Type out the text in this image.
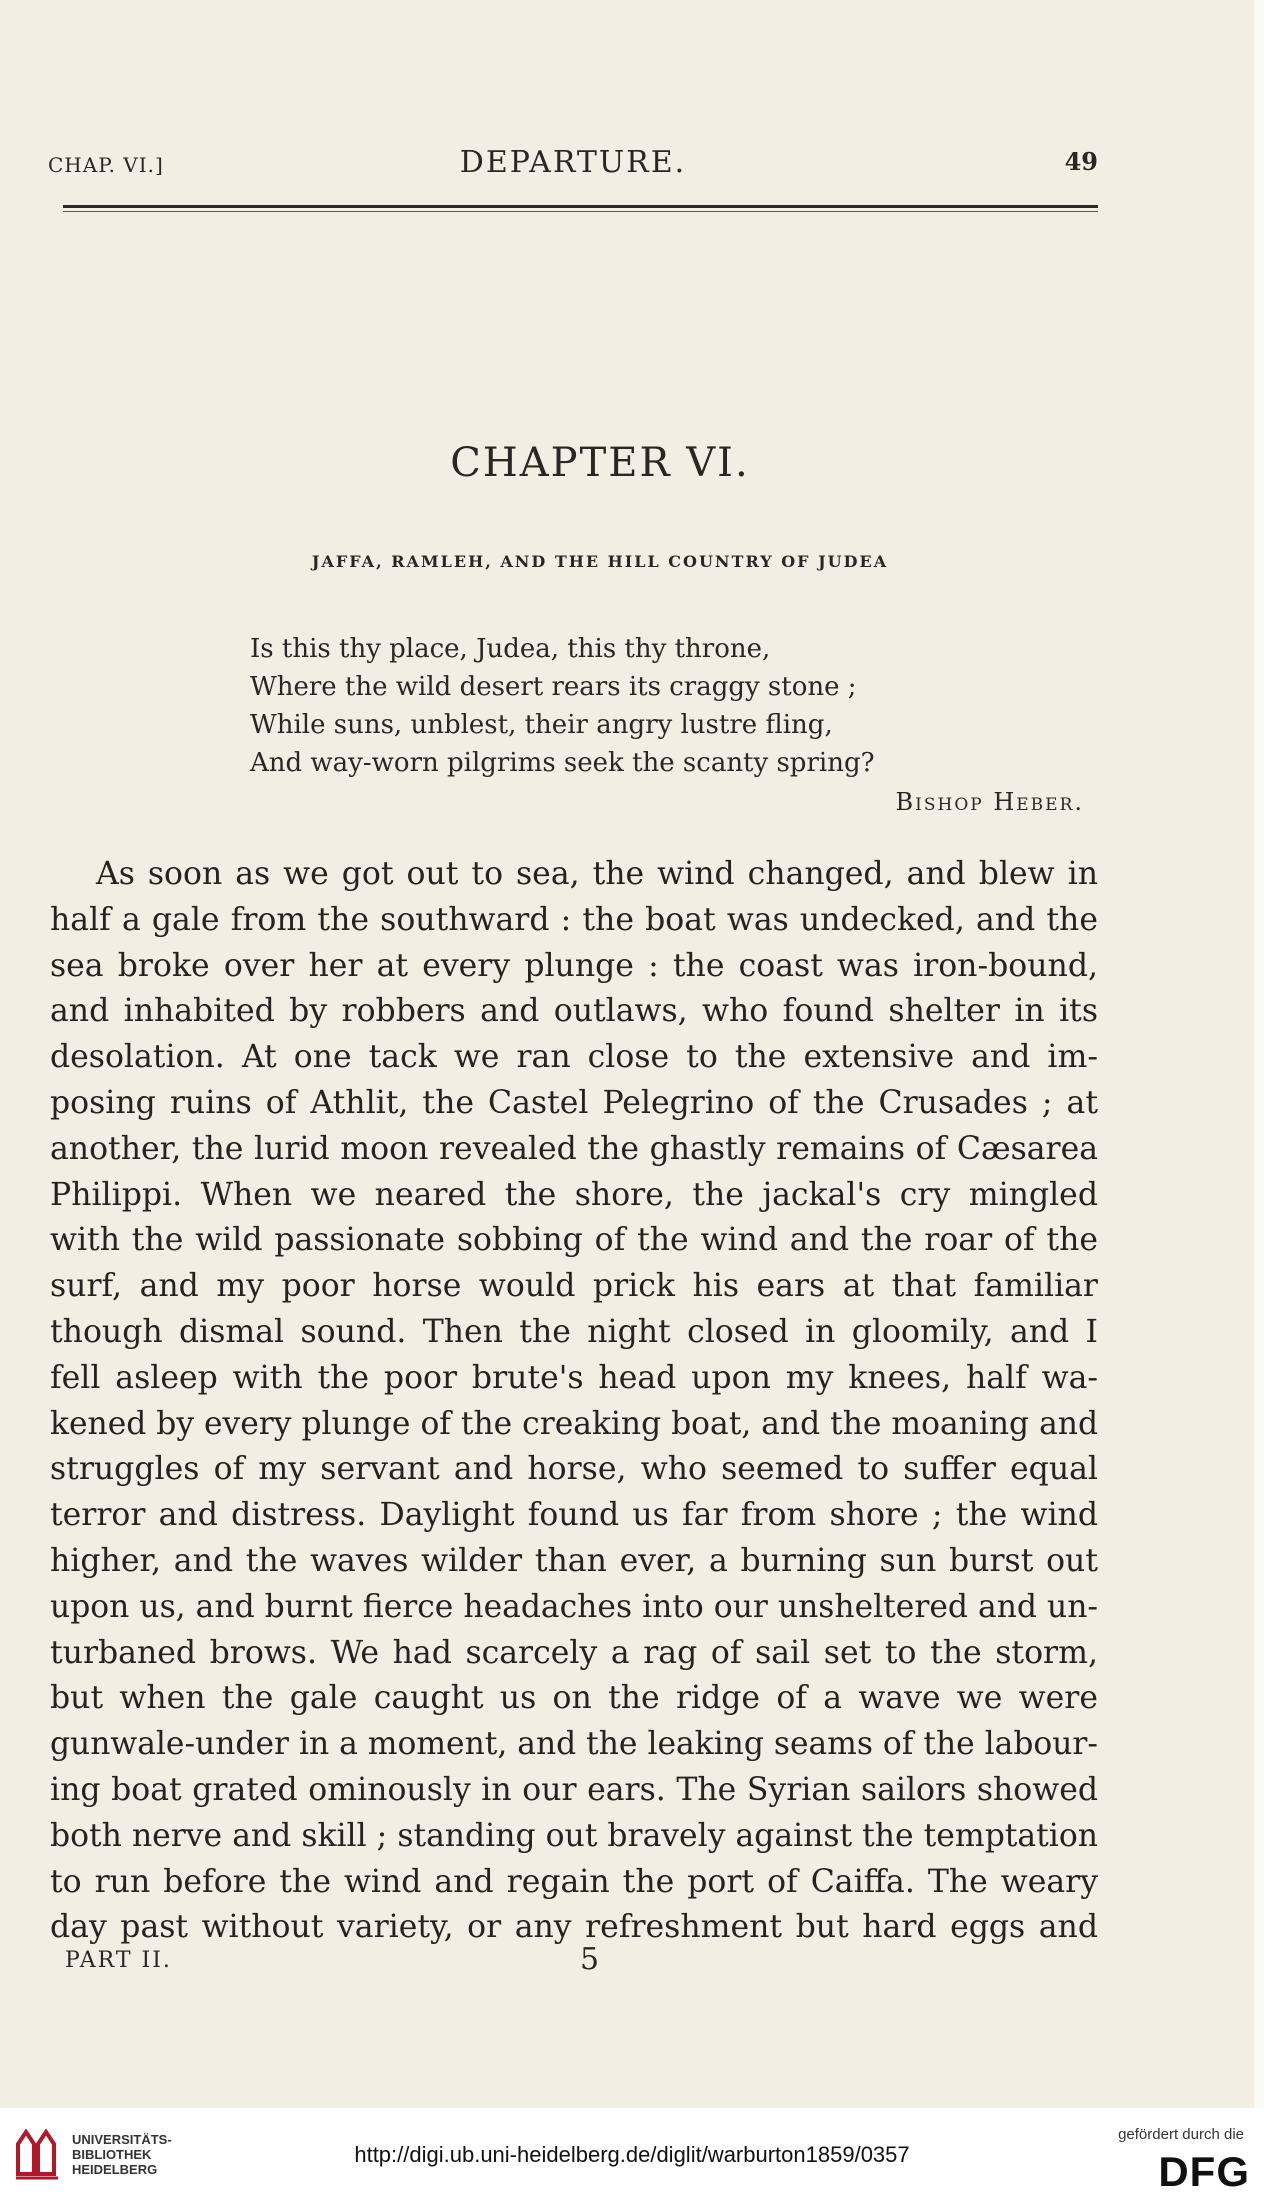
CHAP. VI.]	DEPARTURE.	49
CHAPTER VI.
JAFFA, RAMLEH, AND THE HILL COUNTRY OF JUDEA
Is this thy place, Judea, this thy throne,
Where the wild desert rears its craggy stone ;
While suns, unblest, their angry lustre fling,
And way-worn pilgrims seek the scanty spring?
Bishop Heber.
As soon as we got out to sea, the wind changed, and blew in
half a gale from the southward : the boat was undecked, and the
sea broke over her at every plunge : the coast was iron-bound,
and inhabited by robbers and outlaws, who found shelter in its
desolation. At one tack we ran close to the extensive and im-
posing ruins of Athlit, the Castel Pelegrino of the Crusades ; at
another, the lurid moon revealed the ghastly remains of Cæsarea
Philippi. When we neared the shore, the jackal's cry mingled
with the wild passionate sobbing of the wind and the roar of the
surf, and my poor horse would prick his ears at that familiar
though dismal sound. Then the night closed in gloomily, and I
fell asleep with the poor brute's head upon my knees, half wa-
kened by every plunge of the creaking boat, and the moaning and
struggles of my servant and horse, who seemed to suffer equal
terror and distress. Daylight found us far from shore ; the wind
higher, and the waves wilder than ever, a burning sun burst out
upon us, and burnt fierce headaches into our unsheltered and un-
turbaned brows. We had scarcely a rag of sail set to the storm,
but when the gale caught us on the ridge of a wave we were
gunwale-under in a moment, and the leaking seams of the labour-
ing boat grated ominously in our ears. The Syrian sailors showed
both nerve and skill ; standing out bravely against the temptation
to run before the wind and regain the port of Caiffa. The weary
day past without variety, or any refreshment but hard eggs and
PART II.	5
UNIVERSITÄTS-
BIBLIOTHEK
HEIDELBERG
http://digi.ub.uni-heidelberg.de/diglit/warburton1859/0357
gefördert durch die
DFG
